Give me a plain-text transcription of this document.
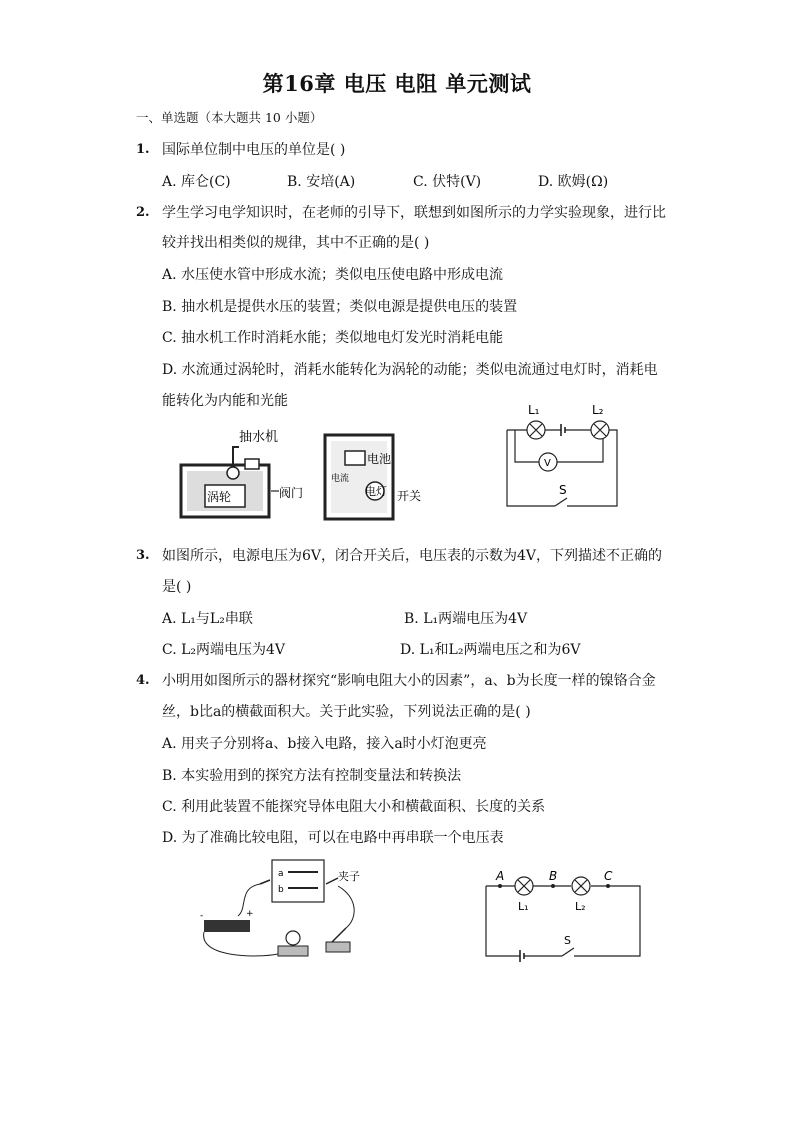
第16章 电压 电阻 单元测试
一、单选题（本大题共 10 小题）
1. 国际单位制中电压的单位是( )
A. 库仑(C)	B. 安培(A)	C. 伏特(V)	D. 欧姆(Ω)
2. 学生学习电学知识时，在老师的引导下，联想到如图所示的力学实验现象，进行比
较并找出相类似的规律，其中不正确的是( )
A. 水压使水管中形成水流；类似电压使电路中形成电流
B. 抽水机是提供水压的装置；类似电源是提供电压的装置
C. 抽水机工作时消耗水能；类似地电灯发光时消耗电能
D. 水流通过涡轮时，消耗水能转化为涡轮的动能；类似电流通过电灯时，消耗电
能转化为内能和光能
抽水机
涡轮	阀门
电池
电流
电灯 开关
L₁	L₂
V
S
3. 如图所示，电源电压为6V，闭合开关后，电压表的示数为4V，下列描述不正确的
是( )
A. L₁与L₂串联	B. L₁两端电压为4V
C. L₂两端电压为4V	D. L₁和L₂两端电压之和为6V
4. 小明用如图所示的器材探究“影响电阻大小的因素”，a、b为长度一样的镍铬合金
丝，b比a的横截面积大。关于此实验，下列说法正确的是( )
A. 用夹子分别将a、b接入电路，接入a时小灯泡更亮
B. 本实验用到的探究方法有控制变量法和转换法
C. 利用此装置不能探究导体电阻大小和横截面积、长度的关系
D. 为了准确比较电阻，可以在电路中再串联一个电压表
a
b
夹子
-	+
A	B	C
L₁	L₂
S
